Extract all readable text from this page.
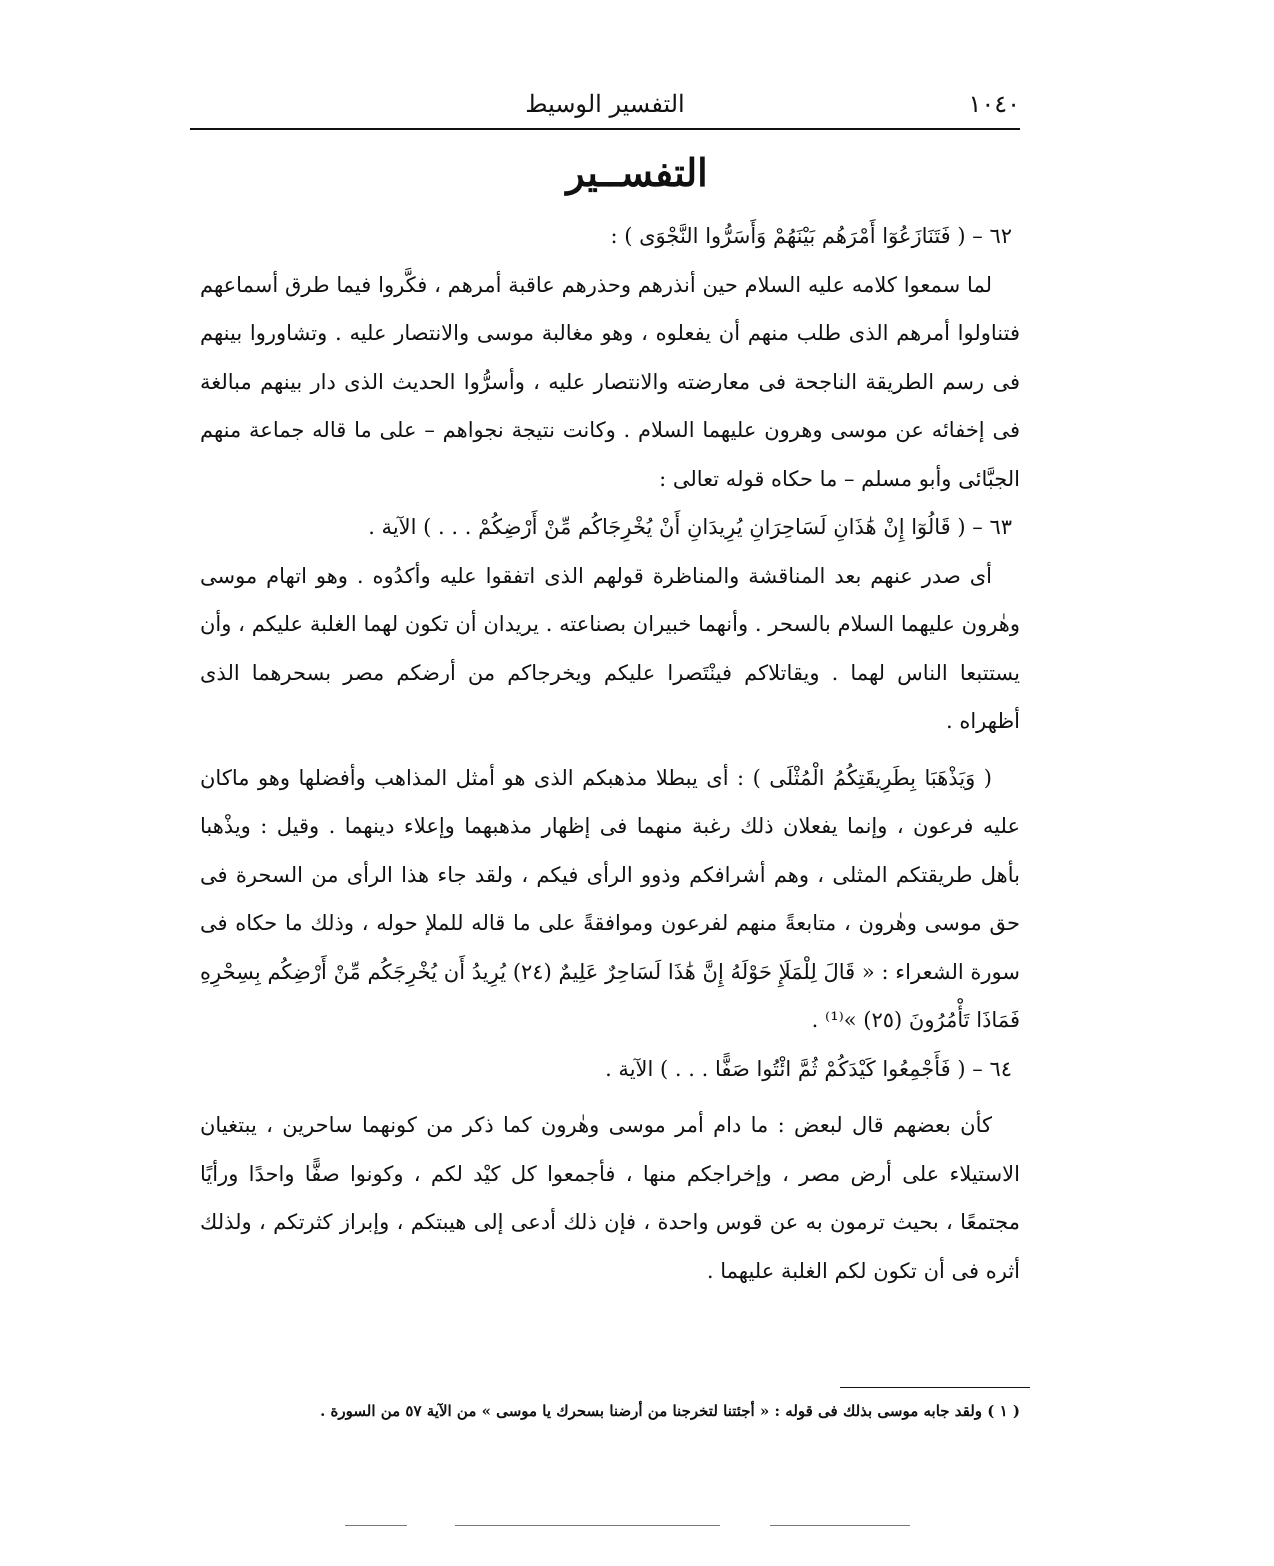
التفسير الوسيط	١٠٤٠
التفســير

٦٢ – ( فَتَنَازَعُوٓا أَمْرَهُم بَيْنَهُمْ وَأَسَرُّوا النَّجْوَى ) :

لما سمعوا كلامه عليه السلام حين أنذرهم وحذرهم عاقبة أمرهم ، فكَّروا فيما طرق أسماعهم فتناولوا أمرهم الذى طلب منهم أن يفعلوه ، وهو مغالبة موسى والانتصار عليه . وتشاوروا بينهم فى رسم الطريقة الناجحة فى معارضته والانتصار عليه ، وأسرُّوا الحديث الذى دار بينهم مبالغة فى إخفائه عن موسى وهرون عليهما السلام . وكانت نتيجة نجواهم – على ما قاله جماعة منهم الجبَّائى وأبو مسلم – ما حكاه قوله تعالى :

٦٣ – ( قَالُوٓا إِنْ هَٰذَانِ لَسَاحِرَانِ يُرِيدَانِ أَنْ يُخْرِجَاكُم مِّنْ أَرْضِكُمْ . . . ) الآية .

أى صدر عنهم بعد المناقشة والمناظرة قولهم الذى اتفقوا عليه وأكدُوه . وهو اتهام موسى وهٰرون عليهما السلام بالسحر . وأنهما خبيران بصناعته . يريدان أن تكون لهما الغلبة عليكم ، وأن يستتبعا الناس لهما . ويقاتلاكم فينْتَصرا عليكم ويخرجاكم من أرضكم مصر بسحرهما الذى أظهراه .

( وَيَذْهَبَا بِطَرِيقَتِكُمُ الْمُثْلَى ) : أى يبطلا مذهبكم الذى هو أمثل المذاهب وأفضلها وهو ماكان عليه فرعون ، وإنما يفعلان ذلك رغبة منهما فى إظهار مذهبهما وإعلاء دينهما . وقيل : ويذْهبا بأهل طريقتكم المثلى ، وهم أشرافكم وذوو الرأى فيكم ، ولقد جاء هذا الرأى من السحرة فى حق موسى وهٰرون ، متابعةً منهم لفرعون وموافقةً على ما قاله للملإ حوله ، وذلك ما حكاه فى سورة الشعراء : « قَالَ لِلْمَلَإِ حَوْلَهُ إِنَّ هَٰذَا لَسَاحِرٌ عَلِيمٌ (٢٤) يُرِيدُ أَن يُخْرِجَكُم مِّنْ أَرْضِكُم بِسِحْرِهِ فَمَاذَا تَأْمُرُونَ (٢٥) »⁽¹⁾ .

٦٤ – ( فَأَجْمِعُوا كَيْدَكُمْ ثُمَّ ائْتُوا صَفًّا . . . ) الآية .

كأن بعضهم قال لبعض : ما دام أمر موسى وهٰرون كما ذكر من كونهما ساحرين ، يبتغيان الاستيلاء على أرض مصر ، وإخراجكم منها ، فأجمعوا كل كيْد لكم ، وكونوا صفًّا واحدًا ورأيًا مجتمعًا ، بحيث ترمون به عن قوس واحدة ، فإن ذلك أدعى إلى هيبتكم ، وإبراز كثرتكم ، ولذلك أثره فى أن تكون لكم الغلبة عليهما .

( ١ ) ولقد جابه موسى بذلك فى قوله : « أجئتنا لتخرجنا من أرضنا بسحرك يا موسى » من الآية ٥٧ من السورة .
